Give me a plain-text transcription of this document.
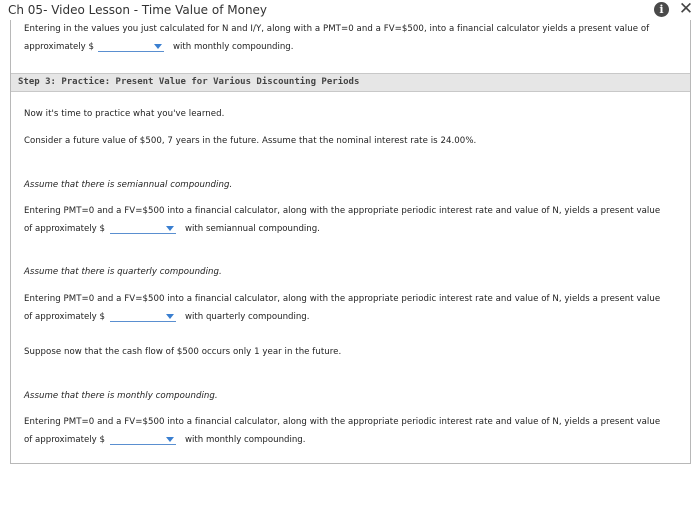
Ch 05- Video Lesson - Time Value of Money	i ✕
Entering in the values you just calculated for N and I/Y, along with a PMT=0 and a FV=$500, into a financial calculator yields a present value of
approximately $	with monthly compounding.
Step 3: Practice: Present Value for Various Discounting Periods
Now it's time to practice what you've learned.
Consider a future value of $500, 7 years in the future. Assume that the nominal interest rate is 24.00%.
Assume that there is semiannual compounding.
Entering PMT=0 and a FV=$500 into a financial calculator, along with the appropriate periodic interest rate and value of N, yields a present value
of approximately $	with semiannual compounding.
Assume that there is quarterly compounding.
Entering PMT=0 and a FV=$500 into a financial calculator, along with the appropriate periodic interest rate and value of N, yields a present value
of approximately $	with quarterly compounding.
Suppose now that the cash flow of $500 occurs only 1 year in the future.
Assume that there is monthly compounding.
Entering PMT=0 and a FV=$500 into a financial calculator, along with the appropriate periodic interest rate and value of N, yields a present value
of approximately $	with monthly compounding.
